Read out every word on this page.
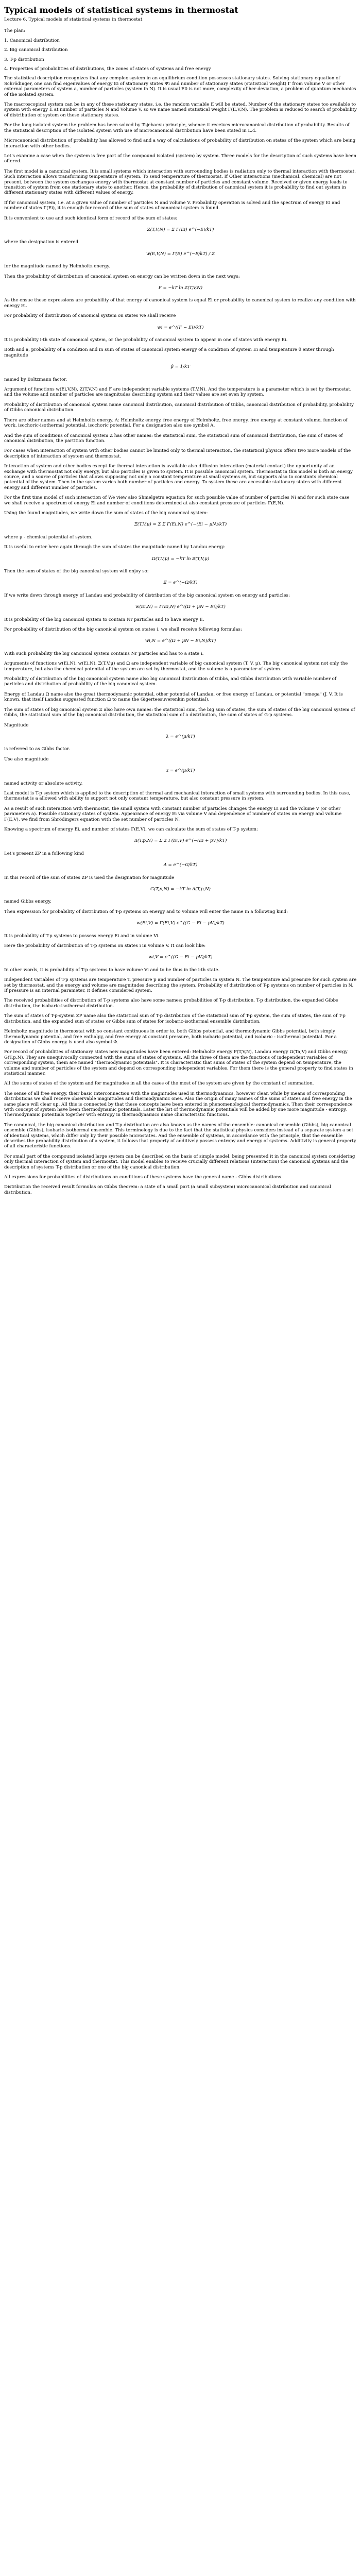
Typical models of statistical systems in thermostat
Lecture 6. Typical models of statistical systems in thermostat
The plan:
1. Canonical distribution
2. Big canonical distribution
3. T-p distribution
4. Properties of probabilities of distributions, the zones of states of systems and free energy

The statistical description recognizes that any complex system in an equilibrium condition possesses stationary states. Solving stationary equation of Schrödinger, one can find eigenvalues of energy Ei of stationary states Ψi and number of stationary states (statistical weight) Γ from volume V or other external parameters of system a, number of particles (system in N). It is usual E0 is not more, complexity of her deviation, a problem of quantum mechanics of the isolated system.

The macroscopical system can be in any of these stationary states, i.e. the random variable E will be stated. Number of the stationary states too available to system with energy E at number of particles N and Volume V, so we name named statistical weight Γ(E,V,N). The problem is reduced to search of probability of distribution of system on these stationary states.

For the long isolated system the problem has been solved by Tsjebaevu principle, whence it receives microcanonical distribution of probability. Results of the statistical description of the isolated system with use of microcanonical distribution have been stated in L.4.

Microcanonical distribution of probability has allowed to find and a way of calculations of probability of distribution on states of the system which are being interaction with other bodies.

Let's examine a case when the system is free part of the compound isolated (system) by system. Three models for the description of such systems have been offered.

The first model is a canonical system. It is small systems which interaction with surrounding bodies is radiation only to thermal interaction with thermostat. Such interaction allows transforming temperature of system. To send temperature of thermostat. If Other interactions (mechanical, chemical) are not present, between the system exchanges energy with thermostat at constant number of particles and constant volume. Received or given energy leads to transition of system from one stationary state to another. Hence, the probability of distribution of canonical system it is probability to find out system in different stationary states with different values of energy.

If for canonical system, i.e. at a given value of number of particles N and volume V. Probability operation is solved and the spectrum of energy Ei and number of states Γ(Ei), it is enough for record of the sum of states of canonical system is found.

It is convenient to use and such identical form of record of the sum of states:

Z(T,V,N) = Σ Γ(Ei) e^(−Ei/kT)

where the designation is entered

w(E,V,N) = Γ(E) e^(−E/kT) / Z

for the magnitude named by Helmholtz energy.

Then the probability of distribution of canonical system on energy can be written down in the next ways:

F = −kT ln Z(T,V,N)

As the ensue these expressions are probability of that energy of canonical system is equal Ei or probability to canonical system to realize any condition with energy Ei.

For probability of distribution of canonical system on states we shall receive

wi = e^((F − Ei)/kT)

It is probability i-th state of canonical system, or the probability of canonical system to appear in one of states with energy Ei.

Both and a, probability of a condition and in sum of states of canonical system energy of a condition of system Ei and temperature θ enter through magnitude

β = 1/kT

named by Boltzmann factor.

Argument of functions w(Ei,V,N), Z(T,V,N) and F are independent variable systems (T,V,N). And the temperature is a parameter which is set by thermostat, and the volume and number of particles are magnitudes describing system and their values are set even by system.

Probability of distribution of canonical system name canonical distribution, canonical distribution of Gibbs, canonical distribution of probability, probability of Gibbs canonical distribution.

There are other names and at Helmholtz energy. A: Helmholtz energy, free energy of Helmholtz, free energy, free energy at constant volume, function of work, isochoric-isothermal potential, isochoric potential. For a designation also use symbol A.

And the sum of conditions of canonical system Z has other names: the statistical sum, the statistical sum of canonical distribution, the sum of states of canonical distribution, the partition function.

For cases when interaction of system with other bodies cannot be limited only to thermal interaction, the statistical physics offers two more models of the description of interaction of system and thermostat.

Interaction of system and other bodies except for thermal interaction is available also diffusion interaction (material contact) the opportunity of an exchange with thermostat not only energy, but also particles is given to system. It is possible canonical system. Thermostat in this model is both an energy source, and a source of particles that allows supposing not only a constant temperature at small systems εv, but supports also to constants chemical potential of the system. Then in the system varies both number of particles and energy. To system these are accessible stationary states with different energy and different number of particles.

For the first time model of such interaction of We view also Shmelgetrs equation for such possible value of number of particles Ni and for such state case we shall receive a spectrum of energy Ei and number of conditions determined at also constant pressure of particles Γ(E,N).

Using the found magnitudes, we write down the sum of states of the big canonical system:

Ξ(T,V,μ) = Σ Σ Γ(Ei,N) e^(−(Ei − μN)/kT)

where μ - chemical potential of system.

It is useful to enter here again through the sum of states the magnitude named by Landau energy:

Ω(T,V,μ) = −kT ln Ξ(T,V,μ)

Then the sum of states of the big canonical system will enjoy so:

Ξ = e^(−Ω/kT)

If we write down through energy of Landau and probability of distribution of the big canonical system on energy and particles:

w(Ei,N) = Γ(Ei,N) e^((Ω + μN − Ei)/kT)

It is probability of the big canonical system to contain Nr particles and to have energy E.

For probability of distribution of the big canonical system on states i, we shall receive following formulas:

wi,N = e^((Ω + μN − Ei,N)/kT)

With such probability the big canonical system contains Nr particles and has to a state i.

Arguments of functions w(Ei,N), w(Ei,N), Ξ(T,V,μ) and Ω are independent variable of big canonical system (T, V, μ). The big canonical system not only the temperature, but also the chemical potential of the system are set by thermostat, and the volume is a parameter of system.

Probability of distribution of the big canonical system name also big canonical distribution of Gibbs, and Gibbs distribution with variable number of particles and distribution of probability of the big canonical system.

Energy of Landau Ω name also the great thermodynamic potential, other potential of Landau, or free energy of Landau, or potential "omega" (J. V. It is known, that itself Landau suggested function Ω to name the Gigerteesuverenkin potential).

The sum of states of big canonical system Ξ also have own names: the statistical sum, the big sum of states, the sum of states of the big canonical system of Gibbs, the statistical sum of the big canonical distribution, the statistical sum of a distribution, the sum of states of G-p systems.

Magnitude

λ = e^(μ/kT)

is referred to as Gibbs factor.

Use also magnitude

z = e^(μ/kT)

named activity or absolute activity.

Last model is T-p system which is applied to the description of thermal and mechanical interaction of small systems with surrounding bodies. In this case, thermostat is a allowed with ability to support not only constant temperature, but also constant pressure in system.

As a result of such interaction with thermostat, the small system with constant number of particles changes the energy Ei and the volume V (or other parameters a). Possible stationary states of system. Appearance of energy Ei via volume V and dependence of number of states on energy and volume Γ(E,V), we find from Shrödingers equation with the set number of particles N.

Knowing a spectrum of energy Ei, and number of states Γ(E,V), we can calculate the sum of states of T-p system:

Δ(T,p,N) = Σ Σ Γ(Ei,V) e^(−(Ei + pV)/kT)

Let's present ZP in a following kind

Δ = e^(−G/kT)

In this record of the sum of states ZP is used the designation for magnitude

G(T,p,N) = −kT ln Δ(T,p,N)

named Gibbs energy.

Then expression for probability of distribution of T-p systems on energy and to volume will enter the name in a following kind:

w(Ei,V) = Γ(Ei,V) e^((G − Ei − pV)/kT)

It is probability of T-p systems to possess energy Ei and in volume Vi.

Here the probability of distribution of T-p systems on states i in volume V. It can look like:

wi,V = e^((G − Ei − pV)/kT)

In other words, it is probability of T-p systems to have volume Vi and to be thus in the i-th state.

Independent variables of T-p systems are temperature T, pressure p and number of particles in system N. The temperature and pressure for such system are set by thermostat, and the energy and volume are magnitudes describing the system. Probability of distribution of T-p systems on number of particles in N. If pressure is an internal parameter, it defines considered system.

The received probabilities of distribution of T-p systems also have some names: probabilities of T-p distribution, T-p distribution, the expanded Gibbs distribution, the isobaric-isothermal distribution.

The sum of states of T-p-system ZP name also the statistical sum of T-p distribution of the statistical sum of T-p system, the sum of states, the sum of T-p distribution, and the expanded sum of states or Gibbs sum of states for isobaric-isothermal ensemble distribution.

Helmholtz magnitude in thermostat with so constant continuous in order to, both Gibbs potential, and thermodynamic Gibbs potential, both simply thermodynamic potential, and free enthalpy, and free energy at constant pressure, both isobaric potential, and isobaric - isothermal potential. For a designation of Gibbs energy is used also symbol Φ.

For record of probabilities of stationary states new magnitudes have been entered: Helmholtz energy F(T,V,N), Landau energy Ω(Ta,V) and Gibbs energy G(T,p,N). They are unequivocally connected with the sums of states of systems. All the three of them are the functions of independent variables of corresponding system, them are named "thermodynamic potentials". It is characteristic that sums of states of the system depend on temperature, the volume and number of particles of the system and depend on corresponding independent variables. For them there is the general property to find states in statistical manner.

All the sums of states of the system and for magnitudes in all the cases of the most of the system are given by the constant of summation.

The sense of all free energy, their basic interconnection with the magnitudes used in thermodynamics, however clear, while by means of corresponding distributions we shall receive observable magnitudes and thermodynamic ones. Also the origin of many names of the sums of states and free energy in the same place will clear up. All this is connected by that these concepts have been entered in phenomenological thermodynamics. Then their correspondence with concept of system have been thermodynamic potentials. Later the list of thermodynamic potentials will be added by one more magnitude - entropy. Thermodynamic potentials together with entropy in thermodynamics name characteristic functions.

The canonical, the big canonical distribution and T-p distribution are also known as the names of the ensemble: canonical ensemble (Gibbs), big canonical ensemble (Gibbs), isobaric-isothermal ensemble. This terminology is due to the fact that the statistical physics considers instead of a separate system a set of identical systems, which differ only by their possible microstates. And the ensemble of systems, in accordance with the principle, that the ensemble describes the probability distribution of a system, it follows that property of additively possess entropy and energy of systems. Additivity is general property of all characteristic functions.

For small part of the compound isolated large system can be described on the basis of simple model, being presented it in the canonical system considering only thermal interaction of system and thermostat. This model enables to receive crucially different relations (interaction) the canonical systems and the description of systems T-p distribution or one of the big canonical distribution.

All expressions for probabilities of distributions on conditions of these systems have the general name - Gibbs distributions.

Distribution the received result formulas on Gibbs theorem: a state of a small part (a small subsystem) microcanonical distribution and canonical distribution.
